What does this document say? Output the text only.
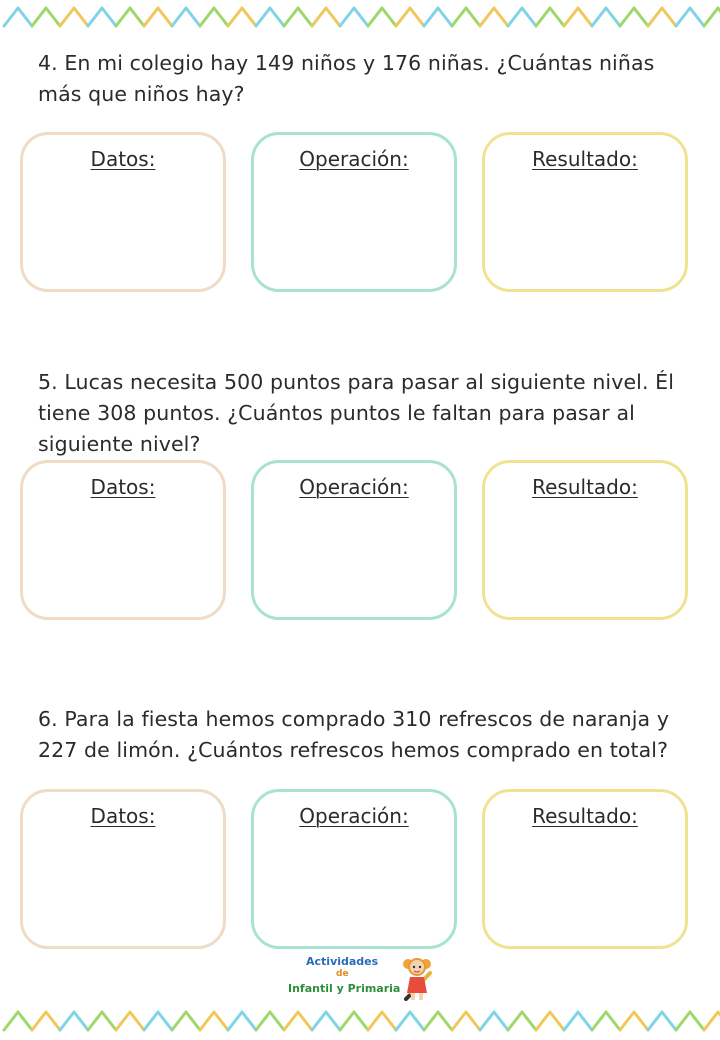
4. En mi colegio hay 149 niños y 176 niñas. ¿Cuántas niñas más que niños hay?

Datos:	Operación:	Resultado:

5. Lucas necesita 500 puntos para pasar al siguiente nivel. Él tiene 308 puntos. ¿Cuántos puntos le faltan para pasar al siguiente nivel?

Datos:	Operación:	Resultado:

6. Para la fiesta hemos comprado 310 refrescos de naranja y 227 de limón. ¿Cuántos refrescos hemos comprado en total?

Datos:	Operación:	Resultado:
Actividades
de
Infantil y Primaria
